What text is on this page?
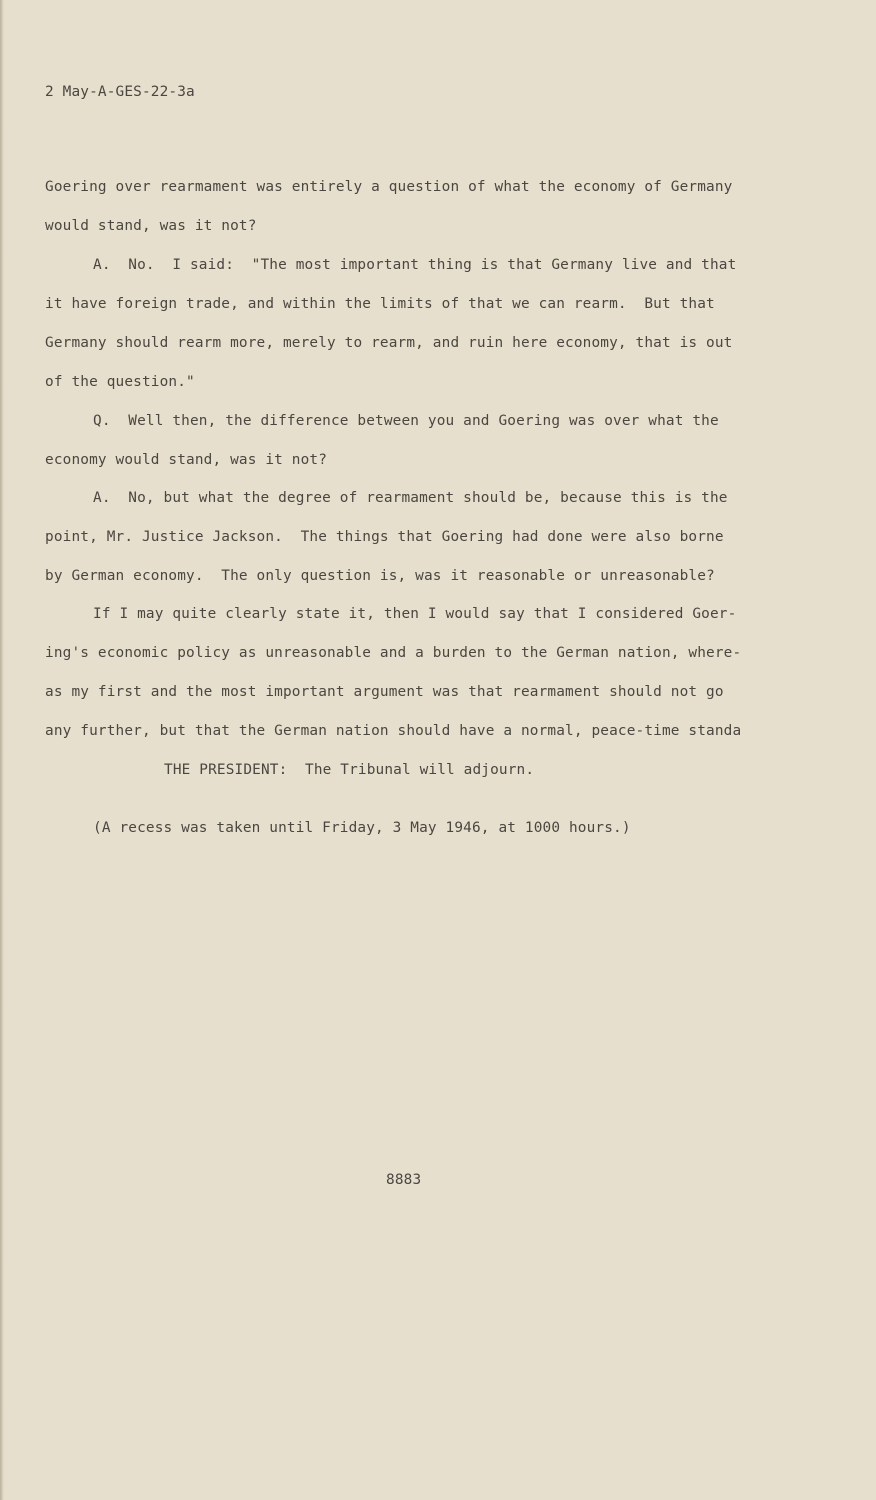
2 May-A-GES-22-3a
Goering over rearmament was entirely a question of what the economy of Germany
would stand, was it not?
A.  No.  I said:  "The most important thing is that Germany live and that
it have foreign trade, and within the limits of that we can rearm.  But that
Germany should rearm more, merely to rearm, and ruin here economy, that is out
of the question."
Q.  Well then, the difference between you and Goering was over what the
economy would stand, was it not?
A.  No, but what the degree of rearmament should be, because this is the
point, Mr. Justice Jackson.  The things that Goering had done were also borne
by German economy.  The only question is, was it reasonable or unreasonable?
If I may quite clearly state it, then I would say that I considered Goer-
ing's economic policy as unreasonable and a burden to the German nation, where-
as my first and the most important argument was that rearmament should not go
any further, but that the German nation should have a normal, peace-time standa
THE PRESIDENT:  The Tribunal will adjourn.
(A recess was taken until Friday, 3 May 1946, at 1000 hours.)
8883
